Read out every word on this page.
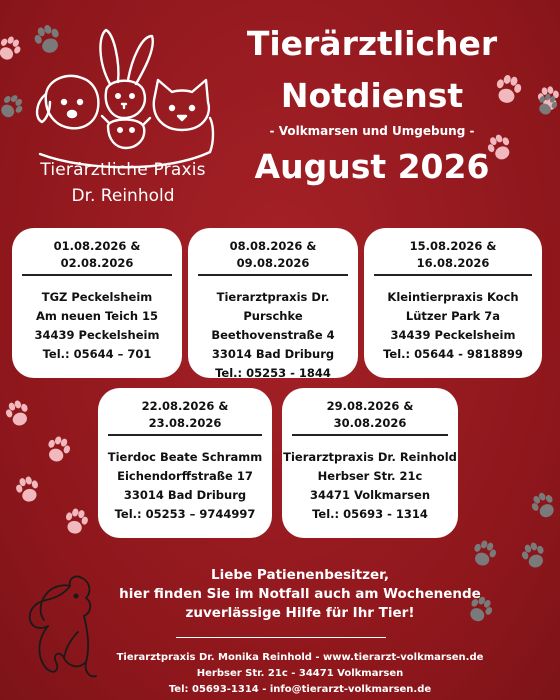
Tierärztliche Praxis
Dr. Reinhold
Tierärztlicher
Notdienst
- Volkmarsen und Umgebung -
August 2026
01.08.2026 &
02.08.2026
TGZ Peckelsheim
Am neuen Teich 15
34439 Peckelsheim
Tel.: 05644 – 701
08.08.2026 &
09.08.2026
Tierarztpraxis Dr. Purschke
Beethovenstraße 4
33014 Bad Driburg
Tel.: 05253 - 1844
15.08.2026 &
16.08.2026
Kleintierpraxis Koch
Lützer Park 7a
34439 Peckelsheim
Tel.: 05644 - 9818899
22.08.2026 &
23.08.2026
Tierdoc Beate Schramm
Eichendorffstraße 17
33014 Bad Driburg
Tel.: 05253 – 9744997
29.08.2026 &
30.08.2026
Tierarztpraxis Dr. Reinhold
Herbser Str. 21c
34471 Volkmarsen
Tel.: 05693 - 1314
Liebe Patienenbesitzer,
hier finden Sie im Notfall auch am Wochenende
zuverlässige Hilfe für Ihr Tier!
Tierarztpraxis Dr. Monika Reinhold - www.tierarzt-volkmarsen.de
Herbser Str. 21c - 34471 Volkmarsen
Tel: 05693-1314 - info@tierarzt-volkmarsen.de
